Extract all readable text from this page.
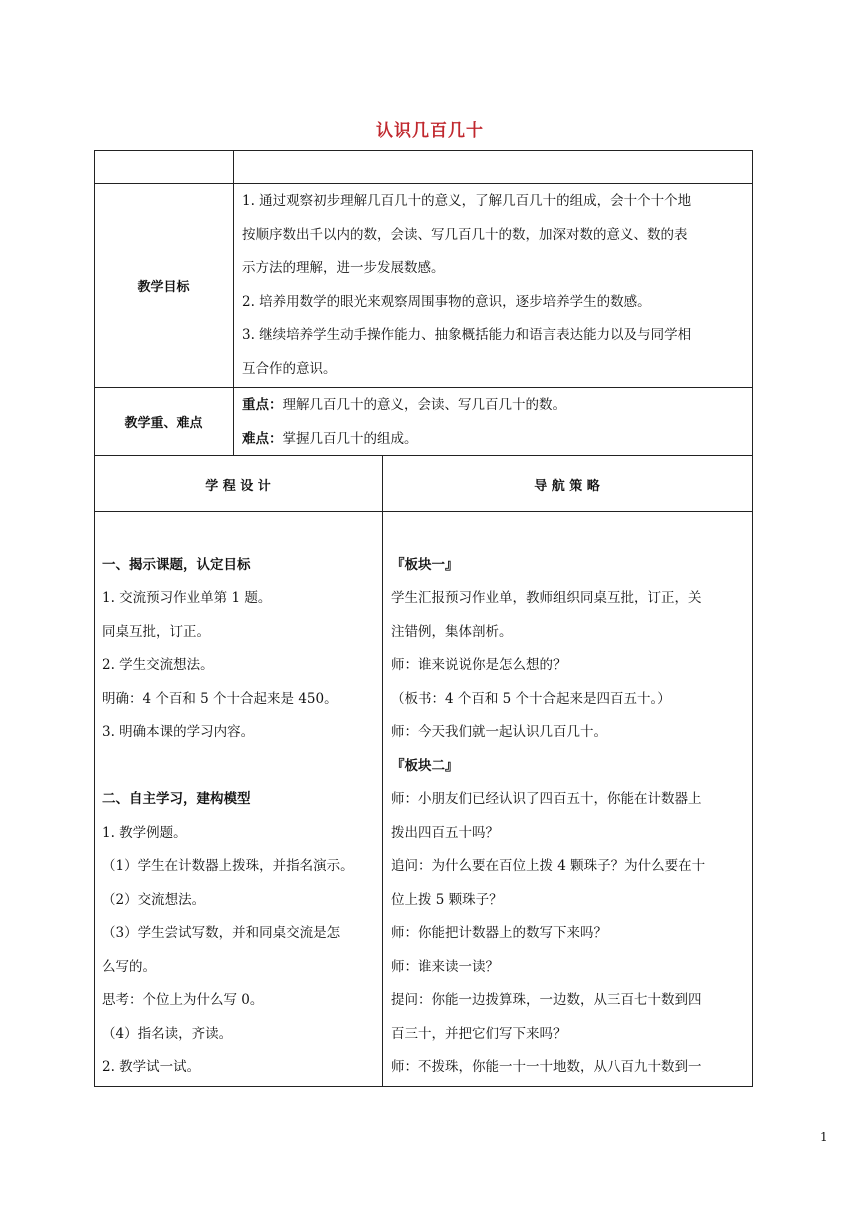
认识几百几十
教学目标
1. 通过观察初步理解几百几十的意义，了解几百几十的组成，会十个十个地
按顺序数出千以内的数，会读、写几百几十的数，加深对数的意义、数的表
示方法的理解，进一步发展数感。
2. 培养用数学的眼光来观察周围事物的意识，逐步培养学生的数感。
3. 继续培养学生动手操作能力、抽象概括能力和语言表达能力以及与同学相
互合作的意识。
教学重、难点
重点：理解几百几十的意义，会读、写几百几十的数。
难点：掌握几百几十的组成。
学 程 设 计	导 航 策 略
一、揭示课题，认定目标
1. 交流预习作业单第 1 题。
同桌互批，订正。
2. 学生交流想法。
明确：4 个百和 5 个十合起来是 450。
3. 明确本课的学习内容。
二、自主学习，建构模型
1. 教学例题。
（1）学生在计数器上拨珠，并指名演示。
（2）交流想法。
（3）学生尝试写数，并和同桌交流是怎
么写的。
思考：个位上为什么写 0。
（4）指名读，齐读。
2. 教学试一试。
『板块一』
学生汇报预习作业单，教师组织同桌互批，订正，关
注错例，集体剖析。
师：谁来说说你是怎么想的？
（板书：4 个百和 5 个十合起来是四百五十。）
师：今天我们就一起认识几百几十。
『板块二』
师：小朋友们已经认识了四百五十，你能在计数器上
拨出四百五十吗？
追问：为什么要在百位上拨 4 颗珠子？为什么要在十
位上拨 5 颗珠子？
师：你能把计数器上的数写下来吗？
师：谁来读一读？
提问：你能一边拨算珠，一边数，从三百七十数到四
百三十，并把它们写下来吗？
师：不拨珠，你能一十一十地数，从八百九十数到一
1
